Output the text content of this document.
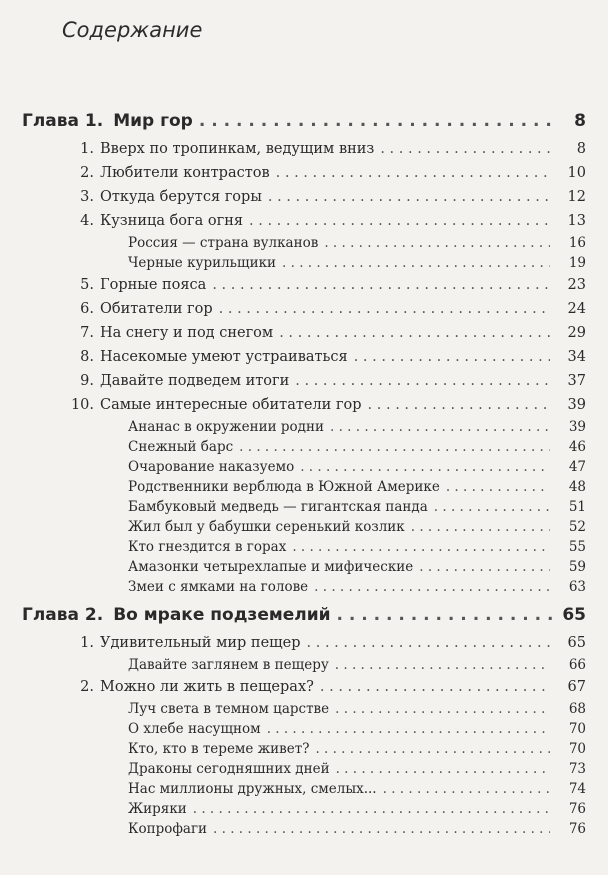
Содержание
Глава 1. Мир гор . . .	8
1. Вверх по тропинкам, ведущим вниз . . .	8
2. Любители контрастов . . .	10
3. Откуда берутся горы . . .	12
4. Кузница бога огня . . .	13
Россия — страна вулканов . . .	16
Черные курильщики . . .	19
5. Горные пояса . . .	23
6. Обитатели гор . . .	24
7. На снегу и под снегом . . .	29
8. Насекомые умеют устраиваться . . .	34
9. Давайте подведем итоги . . .	37
10. Самые интересные обитатели гор . . .	39
Ананас в окружении родни . . .	39
Снежный барс . . .	46
Очарование наказуемо . . .	47
Родственники верблюда в Южной Америке . . .	48
Бамбуковый медведь — гигантская панда . . .	51
Жил был у бабушки серенький козлик . . .	52
Кто гнездится в горах . . .	55
Амазонки четырехлапые и мифические . . .	59
Змеи с ямками на голове . . .	63
Глава 2. Во мраке подземелий . . .	65
1. Удивительный мир пещер . . .	65
Давайте заглянем в пещеру . . .	66
2. Можно ли жить в пещерах? . . .	67
Луч света в темном царстве . . .	68
О хлебе насущном . . .	70
Кто, кто в тереме живет? . . .	70
Драконы сегодняшних дней . . .	73
Нас миллионы дружных, смелых... . . .	74
Жиряки . . .	76
Копрофаги . . .	76
